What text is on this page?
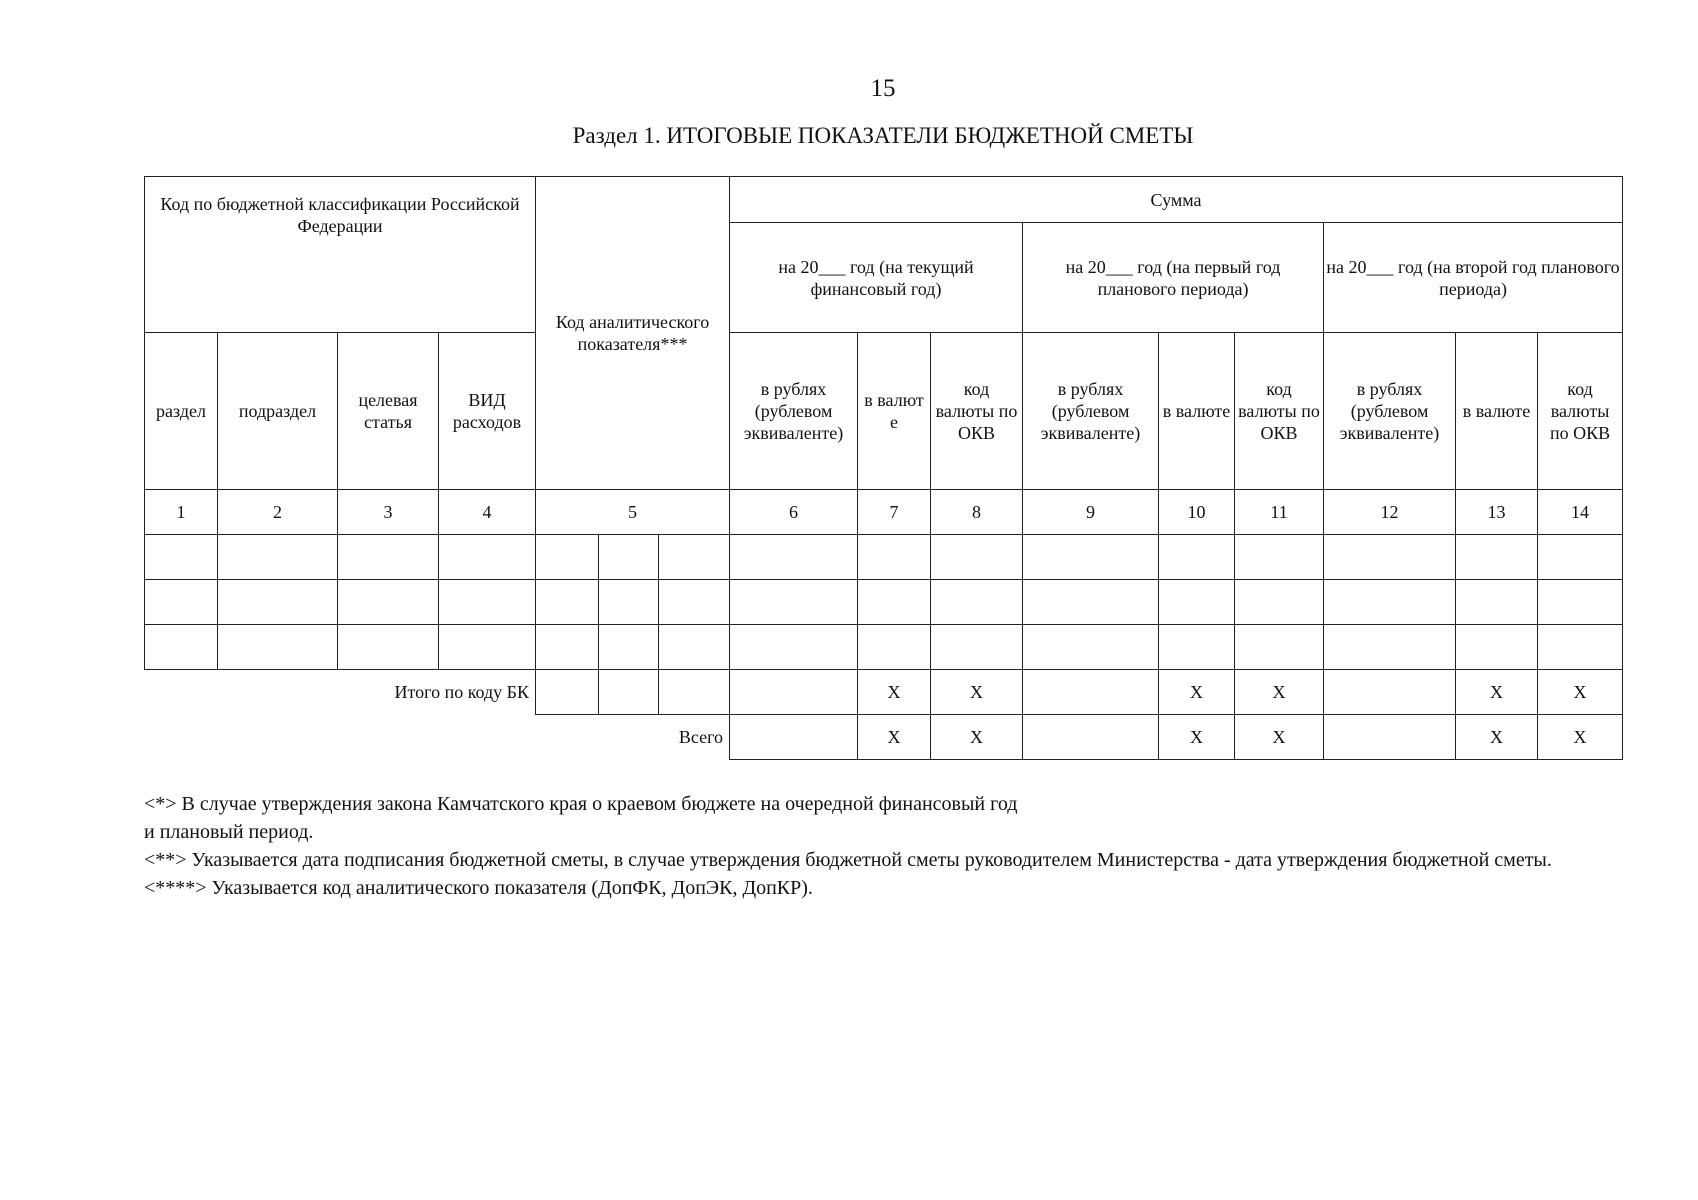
15
Раздел 1. ИТОГОВЫЕ ПОКАЗАТЕЛИ БЮДЖЕТНОЙ СМЕТЫ
Код по бюджетной классификации Российской Федерации				Код аналитического показателя***			Сумма								
							на 20___ год (на текущий финансовый год)			на 20___ год (на первый год планового периода)			на 20___ год (на второй год планового периода)		
раздел	подраздел	целевая статья	ВИД расходов				в рублях (рублевом эквиваленте)	в валют е	код валюты по ОКВ	в рублях (рублевом эквиваленте)	в валюте	код валюты по ОКВ	в рублях (рублевом эквиваленте)	в валюте	код валюты по ОКВ
1	2	3	4	5			6	7	8	9	10	11	12	13	14

Итого по коду БК								X	X		X	X		X	X
Всего								X	X		X	X		X	X

<*> В случае утверждения закона Камчатского края о краевом бюджете на очередной финансовый год

и плановый период.

<**> Указывается дата подписания бюджетной сметы, в случае утверждения бюджетной сметы руководителем Министерства - дата утверждения бюджетной сметы.

<****> Указывается код аналитического показателя (ДопФК, ДопЭК, ДопКР).
